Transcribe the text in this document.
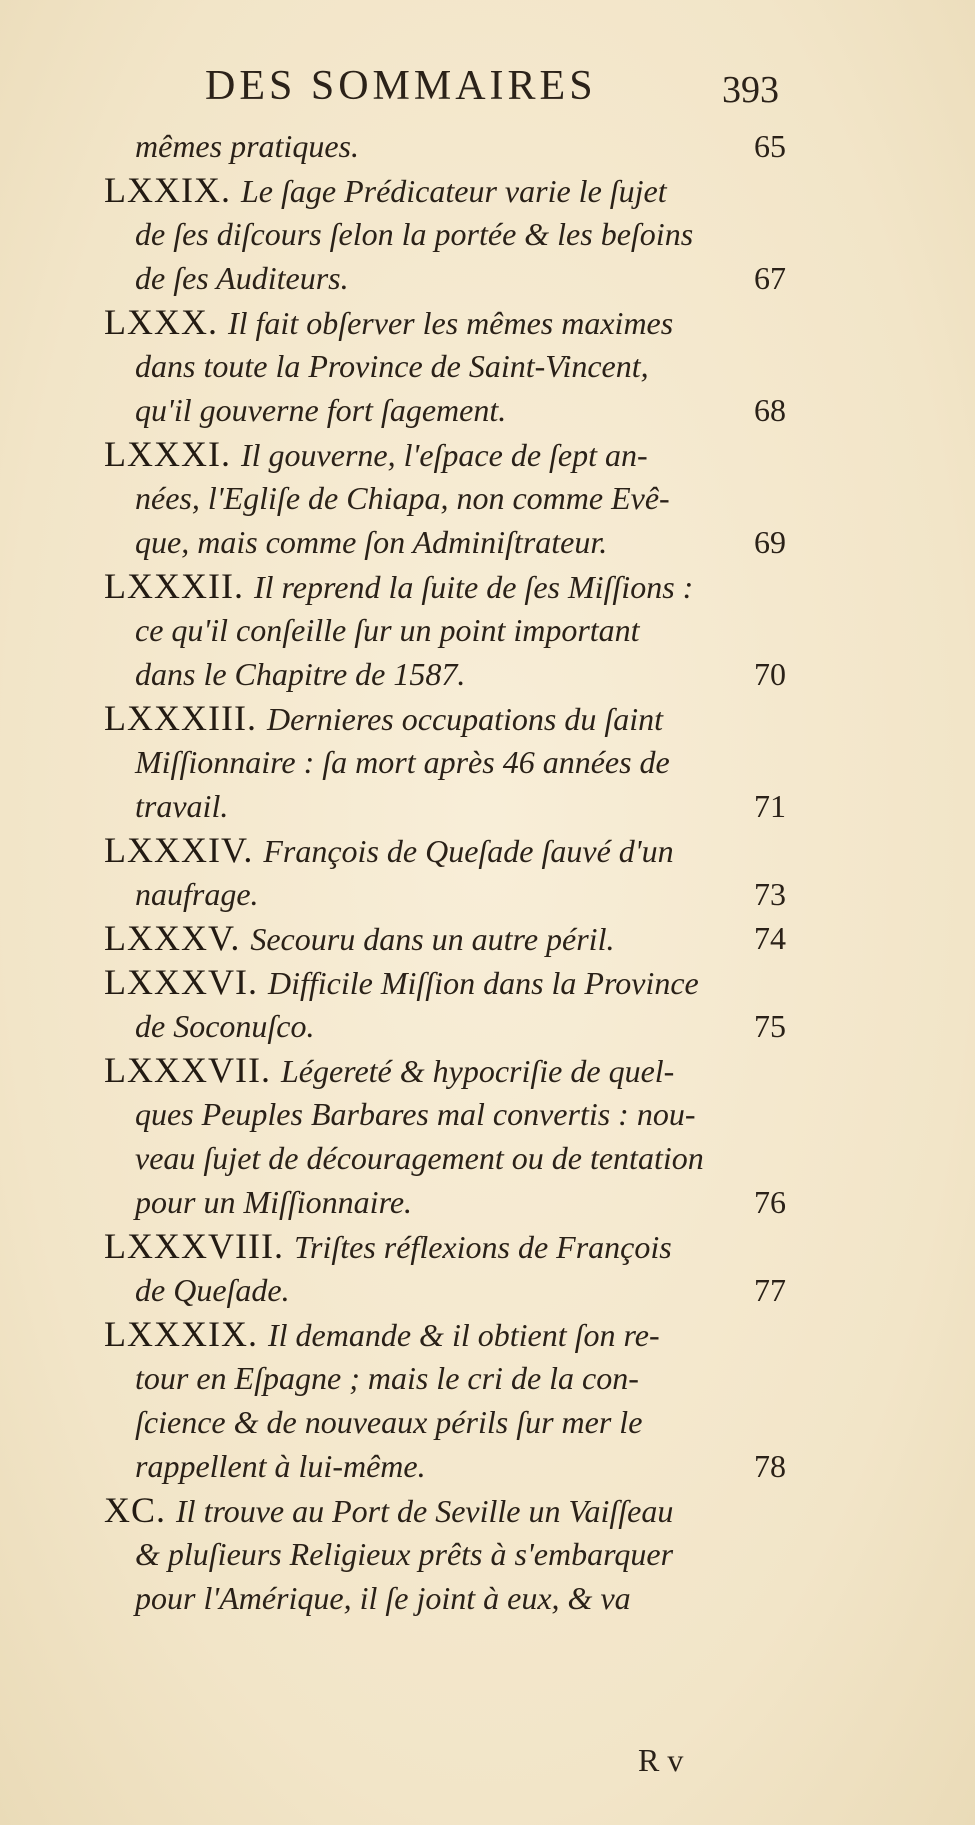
DES SOMMAIRES	393
mêmes pratiques.	65
LXXIX. Le ſage Prédicateur varie le ſujet
de ſes diſcours ſelon la portée & les beſoins
de ſes Auditeurs.	67
LXXX. Il fait obſerver les mêmes maximes
dans toute la Province de Saint-Vincent,
qu'il gouverne fort ſagement.	68
LXXXI. Il gouverne, l'eſpace de ſept an-
nées, l'Egliſe de Chiapa, non comme Evê-
que, mais comme ſon Adminiſtrateur.	69
LXXXII. Il reprend la ſuite de ſes Miſſions :
ce qu'il conſeille ſur un point important
dans le Chapitre de 1587.	70
LXXXIII. Dernieres occupations du ſaint
Miſſionnaire : ſa mort après 46 années de
travail.	71
LXXXIV. François de Queſade ſauvé d'un
naufrage.	73
LXXXV. Secouru dans un autre péril.	74
LXXXVI. Difficile Miſſion dans la Province
de Soconuſco.	75
LXXXVII. Légereté & hypocriſie de quel-
ques Peuples Barbares mal convertis : nou-
veau ſujet de découragement ou de tentation
pour un Miſſionnaire.	76
LXXXVIII. Triſtes réflexions de François
de Queſade.	77
LXXXIX. Il demande & il obtient ſon re-
tour en Eſpagne ; mais le cri de la con-
ſcience & de nouveaux périls ſur mer le
rappellent à lui-même.	78
XC. Il trouve au Port de Seville un Vaiſſeau
& pluſieurs Religieux prêts à s'embarquer
pour l'Amérique, il ſe joint à eux, & va
R v
